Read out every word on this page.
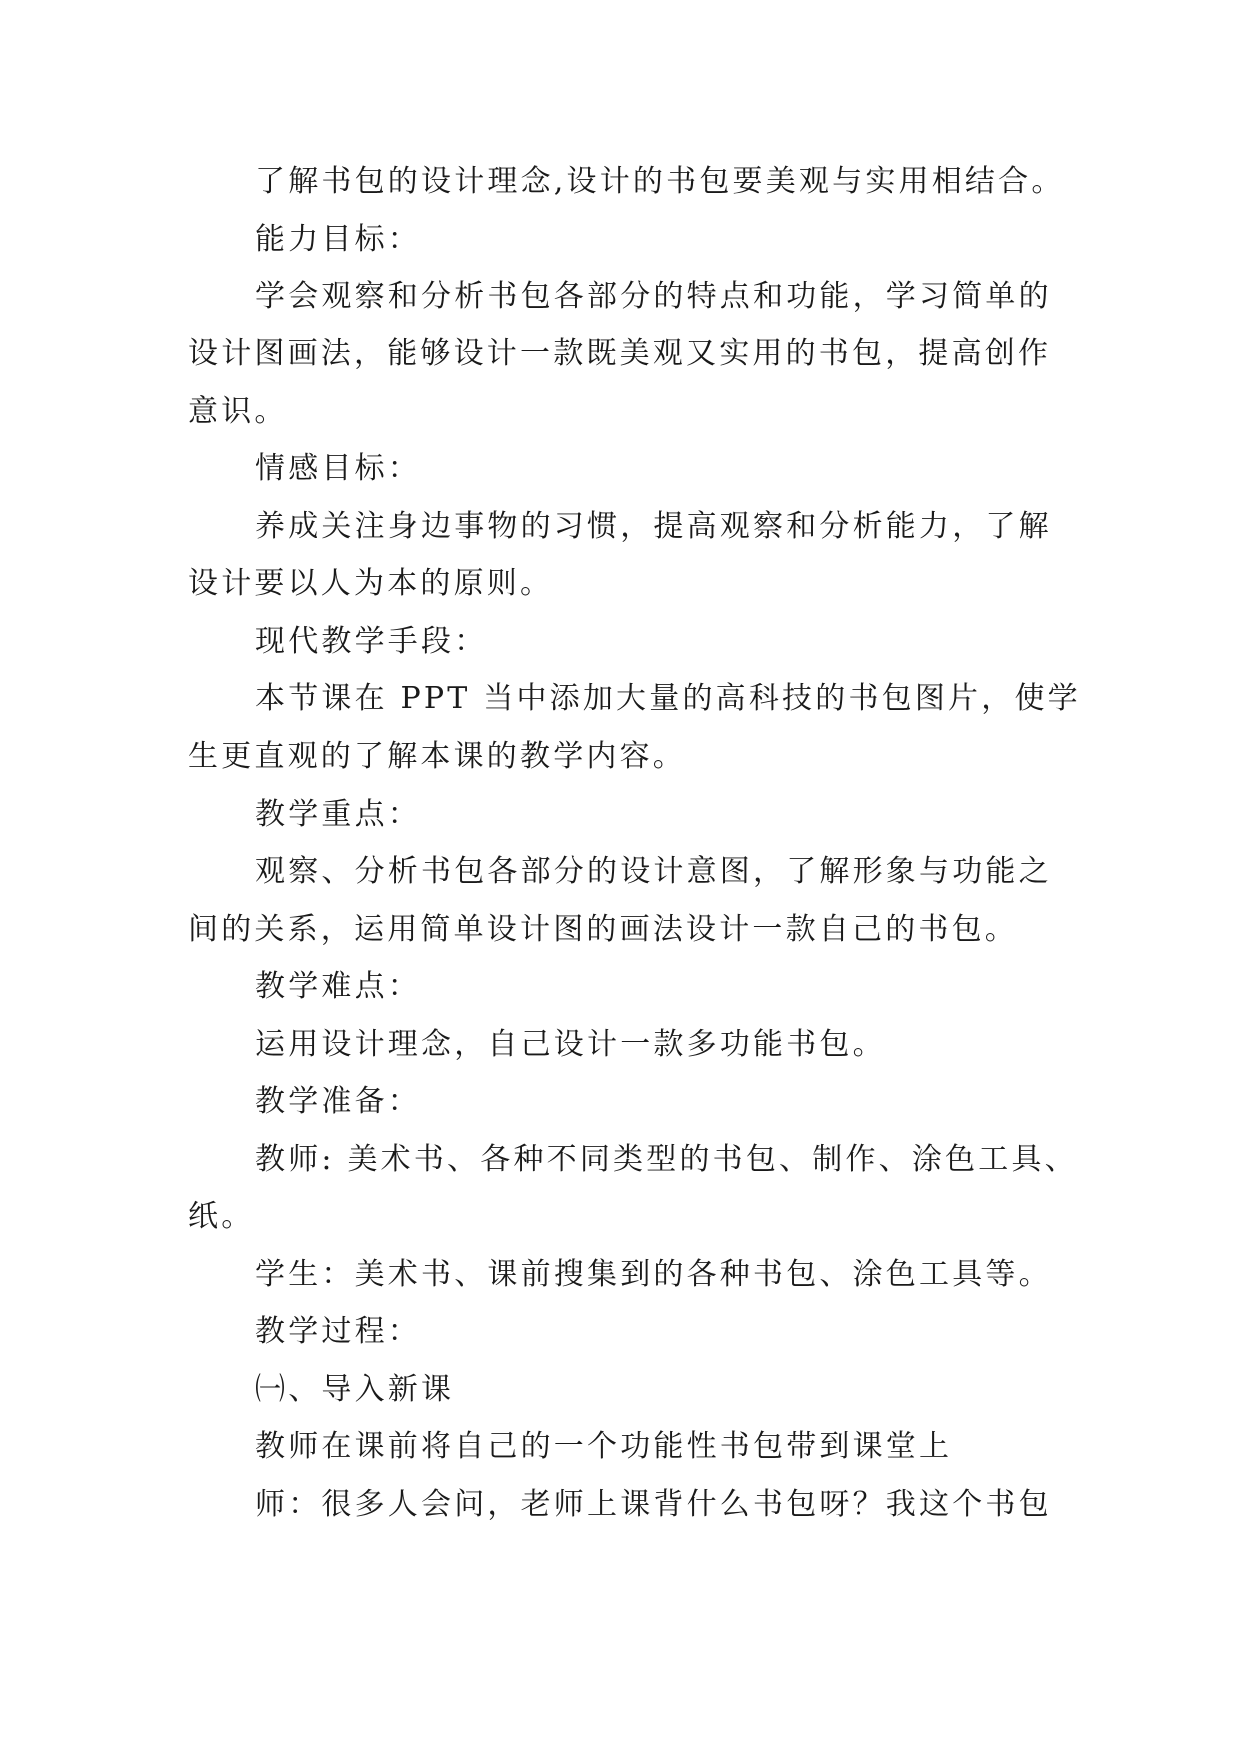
了解书包的设计理念,设计的书包要美观与实用相结合。
能力目标：
学会观察和分析书包各部分的特点和功能，学习简单的
设计图画法，能够设计一款既美观又实用的书包，提高创作
意识。
情感目标：
养成关注身边事物的习惯，提高观察和分析能力，了解
设计要以人为本的原则。
现代教学手段：
本节课在 PPT 当中添加大量的高科技的书包图片，使学
生更直观的了解本课的教学内容。
教学重点：
观察、分析书包各部分的设计意图，了解形象与功能之
间的关系，运用简单设计图的画法设计一款自己的书包。
教学难点：
运用设计理念，自己设计一款多功能书包。
教学准备：
教师: 美术书、各种不同类型的书包、制作、涂色工具、
纸。
学生：美术书、课前搜集到的各种书包、涂色工具等。
教学过程：
㈠、导入新课
教师在课前将自己的一个功能性书包带到课堂上
师：很多人会问，老师上课背什么书包呀？我这个书包
